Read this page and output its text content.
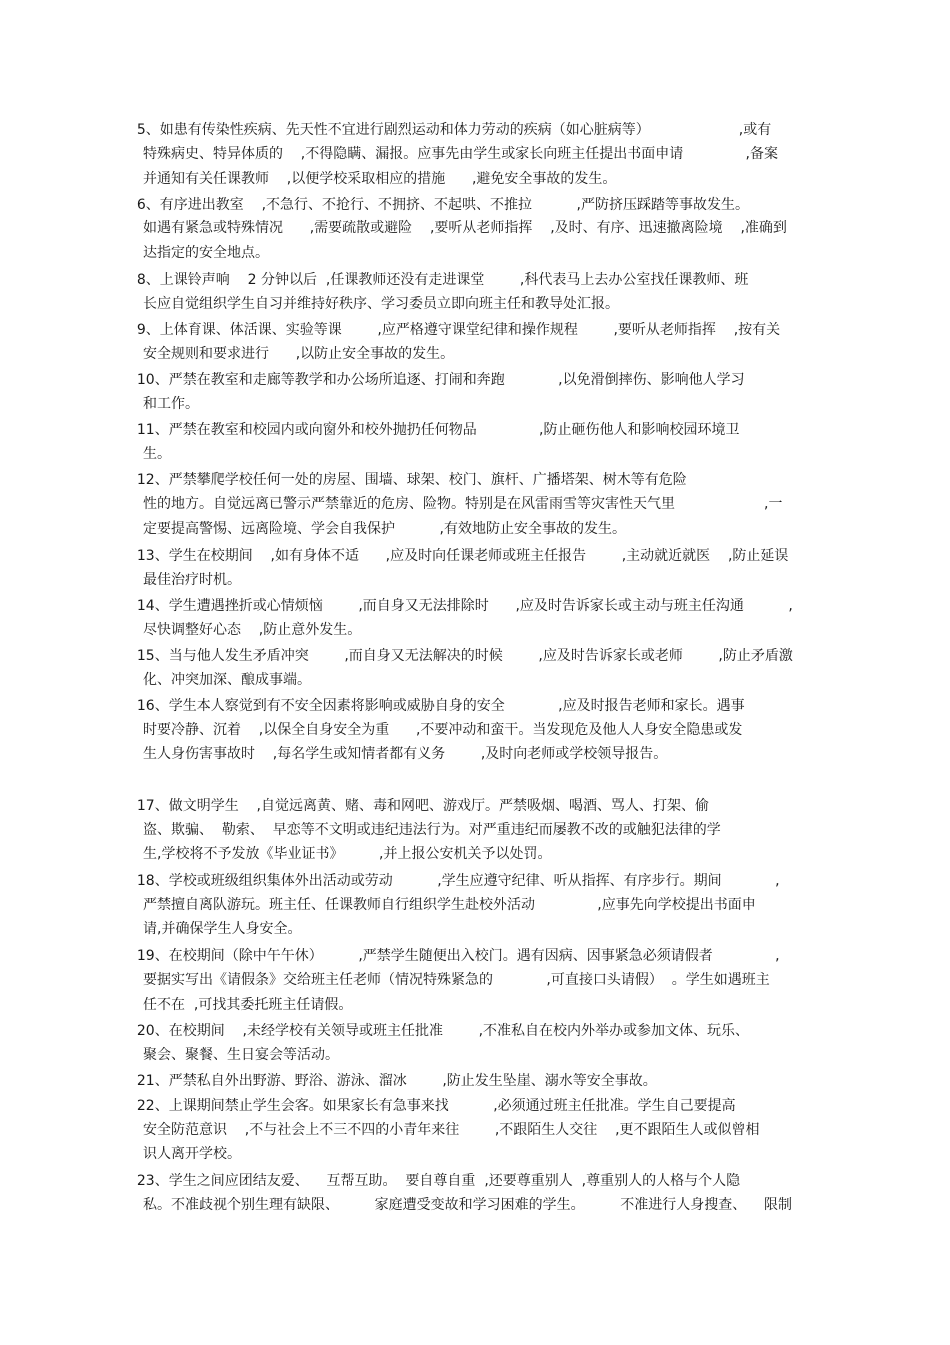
5、如患有传染性疾病、先天性不宜进行剧烈运动和体力劳动的疾病（如心脏病等）                    ,或有
特殊病史、特异体质的    ,不得隐瞒、漏报。应事先由学生或家长向班主任提出书面申请              ,备案
并通知有关任课教师    ,以便学校采取相应的措施      ,避免安全事故的发生。
6、有序进出教室    ,不急行、不抢行、不拥挤、不起哄、不推拉          ,严防挤压踩踏等事故发生。
如遇有紧急或特殊情况      ,需要疏散或避险    ,要听从老师指挥    ,及时、有序、迅速撤离险境    ,准确到
达指定的安全地点。
8、上课铃声响    2 分钟以后  ,任课教师还没有走进课堂        ,科代表马上去办公室找任课教师、班
长应自觉组织学生自习并维持好秩序、学习委员立即向班主任和教导处汇报。
9、上体育课、体活课、实验等课        ,应严格遵守课堂纪律和操作规程        ,要听从老师指挥    ,按有关
安全规则和要求进行      ,以防止安全事故的发生。
10、严禁在教室和走廊等教学和办公场所追逐、打闹和奔跑            ,以免滑倒摔伤、影响他人学习
和工作。
11、严禁在教室和校园内或向窗外和校外抛扔任何物品              ,防止砸伤他人和影响校园环境卫
生。
12、严禁攀爬学校任何一处的房屋、围墙、球架、校门、旗杆、广播塔架、树木等有危险
性的地方。自觉远离已警示严禁靠近的危房、险物。特别是在风雷雨雪等灾害性天气里                    ,一
定要提高警惕、远离险境、学会自我保护          ,有效地防止安全事故的发生。
13、学生在校期间    ,如有身体不适      ,应及时向任课老师或班主任报告        ,主动就近就医    ,防止延误
最佳治疗时机。
14、学生遭遇挫折或心情烦恼        ,而自身又无法排除时      ,应及时告诉家长或主动与班主任沟通          ,
尽快调整好心态    ,防止意外发生。
15、当与他人发生矛盾冲突        ,而自身又无法解决的时候        ,应及时告诉家长或老师        ,防止矛盾激
化、冲突加深、酿成事端。
16、学生本人察觉到有不安全因素将影响或威胁自身的安全            ,应及时报告老师和家长。遇事
时要冷静、沉着    ,以保全自身安全为重      ,不要冲动和蛮干。当发现危及他人人身安全隐患或发
生人身伤害事故时    ,每名学生或知情者都有义务        ,及时向老师或学校领导报告。
17、做文明学生    ,自觉远离黄、赌、毒和网吧、游戏厅。严禁吸烟、喝酒、骂人、打架、偷
盗、欺骗、  勒索、  早恋等不文明或违纪违法行为。对严重违纪而屡教不改的或触犯法律的学
生,学校将不予发放《毕业证书》        ,并上报公安机关予以处罚。
18、学校或班级组织集体外出活动或劳动          ,学生应遵守纪律、听从指挥、有序步行。期间            ,
严禁擅自离队游玩。班主任、任课教师自行组织学生赴校外活动              ,应事先向学校提出书面申
请,并确保学生人身安全。
19、在校期间（除中午午休）        ,严禁学生随便出入校门。遇有因病、因事紧急必须请假者              ,
要据实写出《请假条》交给班主任老师（情况特殊紧急的            ,可直接口头请假）  。学生如遇班主
任不在  ,可找其委托班主任请假。
20、在校期间    ,未经学校有关领导或班主任批准        ,不准私自在校内外举办或参加文体、玩乐、
聚会、聚餐、生日宴会等活动。
21、严禁私自外出野游、野浴、游泳、溜冰        ,防止发生坠崖、溺水等安全事故。
22、上课期间禁止学生会客。如果家长有急事来找          ,必须通过班主任批准。学生自己要提高
安全防范意识    ,不与社会上不三不四的小青年来往        ,不跟陌生人交往    ,更不跟陌生人或似曾相
识人离开学校。
23、学生之间应团结友爱、    互帮互助。  要自尊自重  ,还要尊重别人  ,尊重别人的人格与个人隐
私。不准歧视个别生理有缺限、        家庭遭受变故和学习困难的学生。        不准进行人身搜查、    限制
